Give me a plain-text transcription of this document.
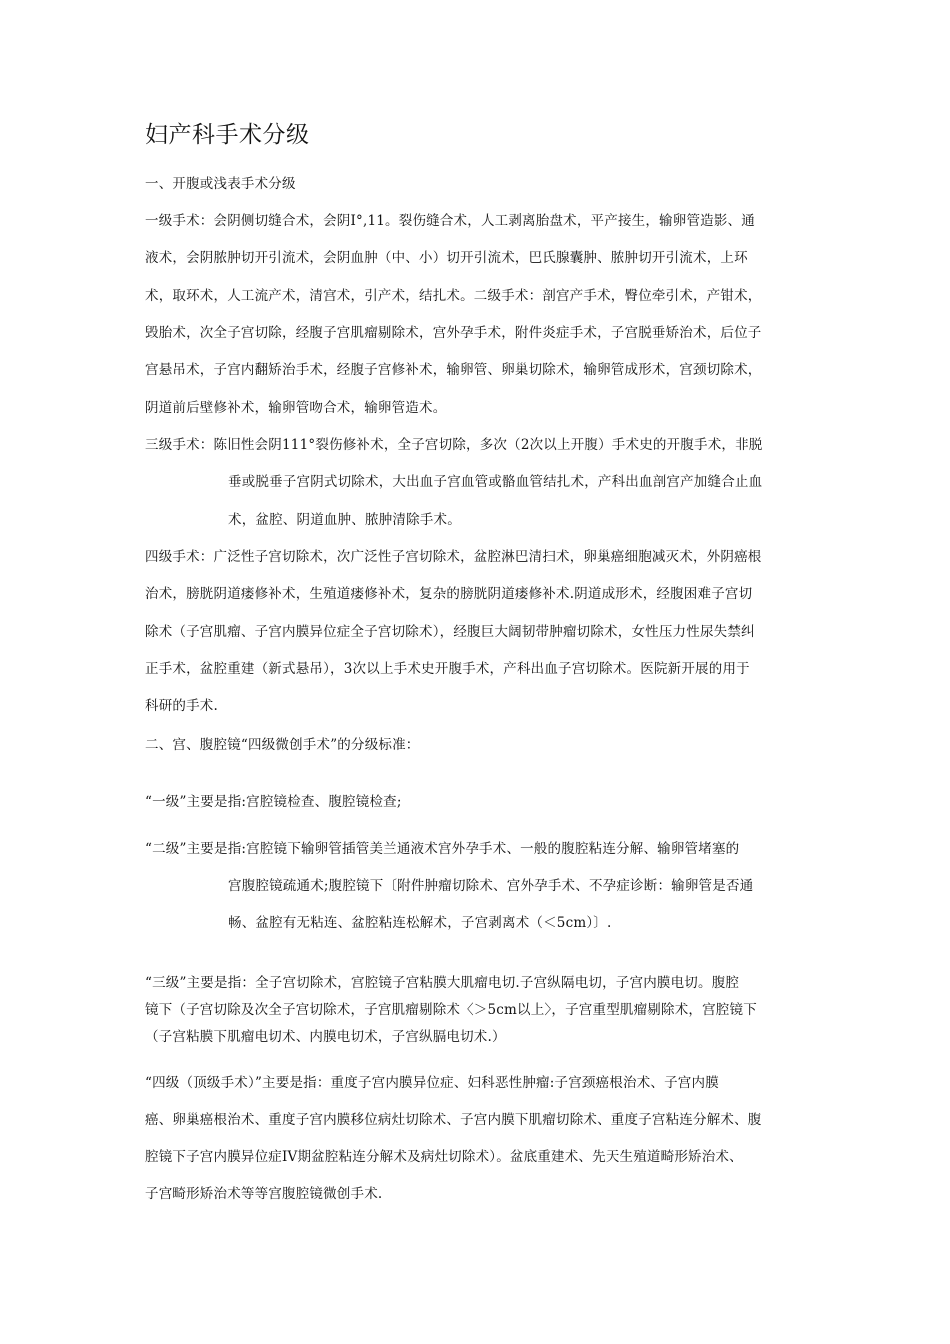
妇产科手术分级
一、开腹或浅表手术分级
一级手术：会阴侧切缝合术，会阴Ⅰ°,11。裂伤缝合术，人工剥离胎盘术，平产接生，输卵管造影、通
液术，会阴脓肿切开引流术，会阴血肿（中、小）切开引流术，巴氏腺囊肿、脓肿切开引流术，上环
术，取环术，人工流产术，清宫术，引产术，结扎术。二级手术：剖宫产手术，臀位牵引术，产钳术，
毁胎术，次全子宫切除，经腹子宫肌瘤剔除术，宫外孕手术，附件炎症手术，子宫脱垂矫治术，后位子
宫悬吊术，子宫内翻矫治手术，经腹子宫修补术，输卵管、卵巢切除术，输卵管成形术，宫颈切除术，
阴道前后壁修补术，输卵管吻合术，输卵管造术。
三级手术：陈旧性会阴111°裂伤修补术，全子宫切除，多次（2次以上开腹）手术史的开腹手术，非脱
垂或脱垂子宫阴式切除术，大出血子宫血管或骼血管结扎术，产科出血剖宫产加缝合止血
术，盆腔、阴道血肿、脓肿清除手术。
四级手术：广泛性子宫切除术，次广泛性子宫切除术，盆腔淋巴清扫术，卵巢癌细胞减灭术，外阴癌根
治术，膀胱阴道瘘修补术，生殖道瘘修补术，复杂的膀胱阴道瘘修补术.阴道成形术，经腹困难子宫切
除术（子宫肌瘤、子宫内膜异位症全子宫切除术），经腹巨大阔韧带肿瘤切除术，女性压力性尿失禁纠
正手术，盆腔重建（新式悬吊），3次以上手术史开腹手术，产科出血子宫切除术。医院新开展的用于
科研的手术.
二、宫、腹腔镜“四级微创手术”的分级标准：
“一级”主要是指:宫腔镜检查、腹腔镜检查;
“二级”主要是指:宫腔镜下输卵管插管美兰通液术宫外孕手术、一般的腹腔粘连分解、输卵管堵塞的
宫腹腔镜疏通术;腹腔镜下〔附件肿瘤切除术、宫外孕手术、不孕症诊断：输卵管是否通
畅、盆腔有无粘连、盆腔粘连松解术，子宫剥离术（＜5cm）〕.
“三级”主要是指：全子宫切除术，宫腔镜子宫粘膜大肌瘤电切.子宫纵隔电切，子宫内膜电切。腹腔
镜下（子宫切除及次全子宫切除术，子宫肌瘤剔除术〈＞5cm以上〉，子宫重型肌瘤剔除术，宫腔镜下
（子宫粘膜下肌瘤电切术、内膜电切术，子宫纵膈电切术.）
“四级（顶级手术）”主要是指：重度子宫内膜异位症、妇科恶性肿瘤:子宫颈癌根治术、子宫内膜
癌、卵巢癌根治术、重度子宫内膜移位病灶切除术、子宫内膜下肌瘤切除术、重度子宫粘连分解术、腹
腔镜下子宫内膜异位症IV期盆腔粘连分解术及病灶切除术）。盆底重建术、先天生殖道畸形矫治术、
子宫畸形矫治术等等宫腹腔镜微创手术.
